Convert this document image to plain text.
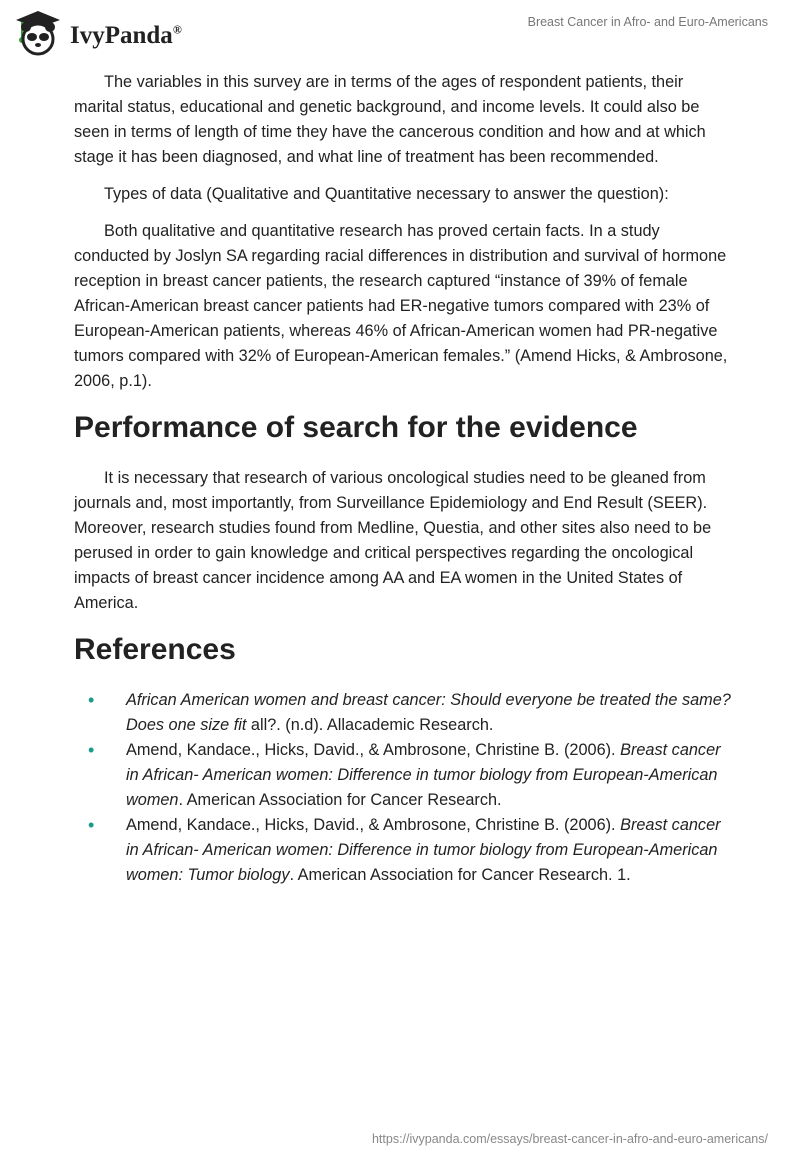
IvyPanda®
Breast Cancer in Afro- and Euro-Americans

The variables in this survey are in terms of the ages of respondent patients, their marital status, educational and genetic background, and income levels. It could also be seen in terms of length of time they have the cancerous condition and how and at which stage it has been diagnosed, and what line of treatment has been recommended.

Types of data (Qualitative and Quantitative necessary to answer the question):

Both qualitative and quantitative research has proved certain facts. In a study conducted by Joslyn SA regarding racial differences in distribution and survival of hormone reception in breast cancer patients, the research captured “instance of 39% of female African-American breast cancer patients had ER-negative tumors compared with 23% of European-American patients, whereas 46% of African-American women had PR-negative tumors compared with 32% of European-American females.” (Amend Hicks, & Ambrosone, 2006, p.1).

Performance of search for the evidence

It is necessary that research of various oncological studies need to be gleaned from journals and, most importantly, from Surveillance Epidemiology and End Result (SEER). Moreover, research studies found from Medline, Questia, and other sites also need to be perused in order to gain knowledge and critical perspectives regarding the oncological impacts of breast cancer incidence among AA and EA women in the United States of America.

References
• African American women and breast cancer: Should everyone be treated the same? Does one size fit all?. (n.d). Allacademic Research.
• Amend, Kandace., Hicks, David., & Ambrosone, Christine B. (2006). Breast cancer in African- American women: Difference in tumor biology from European-American women. American Association for Cancer Research.
• Amend, Kandace., Hicks, David., & Ambrosone, Christine B. (2006). Breast cancer in African- American women: Difference in tumor biology from European-American women: Tumor biology. American Association for Cancer Research. 1.
https://ivypanda.com/essays/breast-cancer-in-afro-and-euro-americans/
